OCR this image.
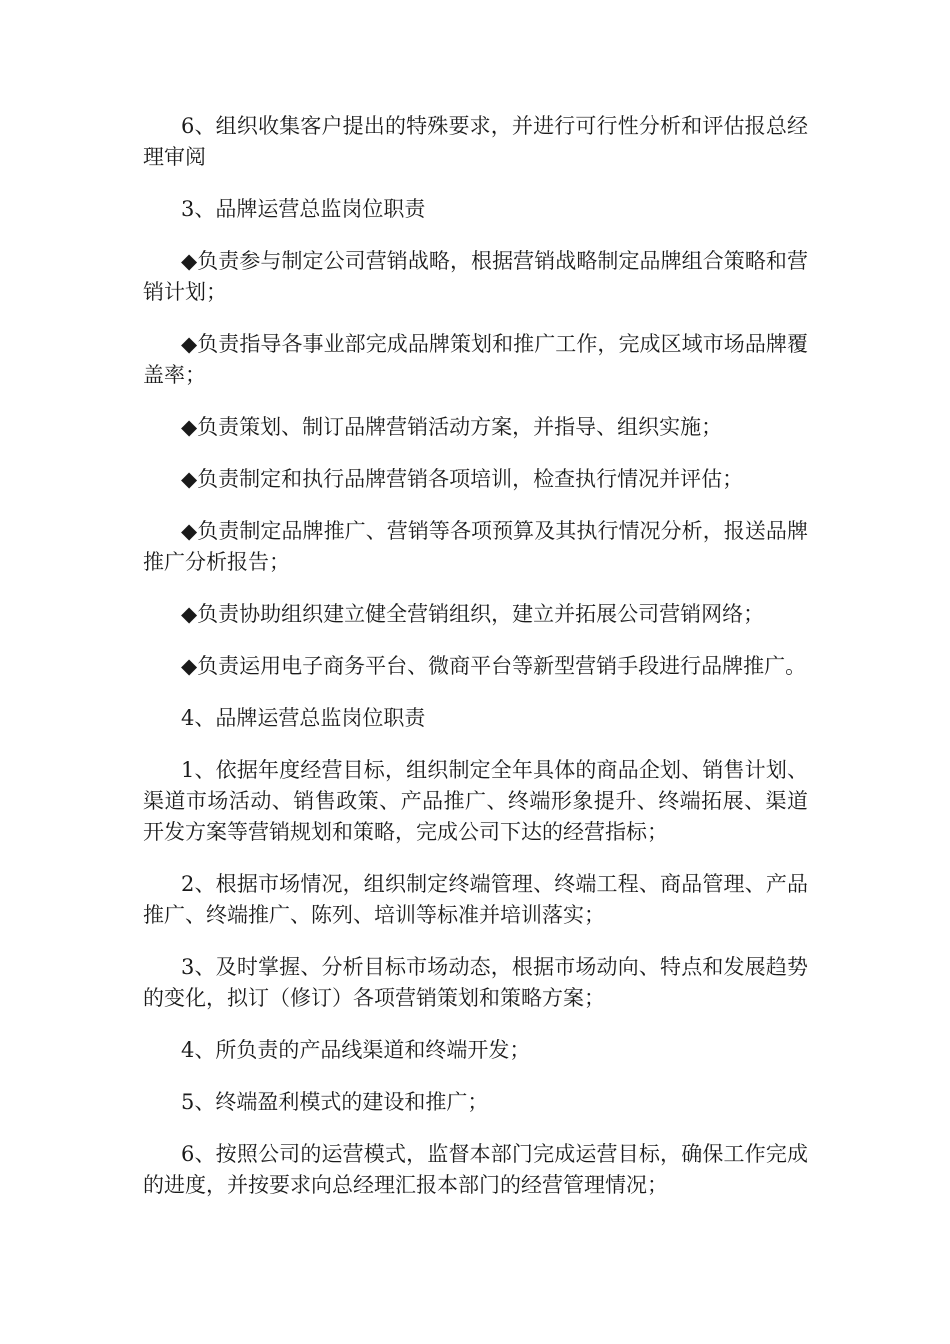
6、组织收集客户提出的特殊要求，并进行可行性分析和评估报总经理审阅

3、品牌运营总监岗位职责

◆负责参与制定公司营销战略，根据营销战略制定品牌组合策略和营销计划；

◆负责指导各事业部完成品牌策划和推广工作，完成区域市场品牌覆盖率；

◆负责策划、制订品牌营销活动方案，并指导、组织实施；

◆负责制定和执行品牌营销各项培训，检查执行情况并评估；

◆负责制定品牌推广、营销等各项预算及其执行情况分析，报送品牌推广分析报告；

◆负责协助组织建立健全营销组织，建立并拓展公司营销网络；

◆负责运用电子商务平台、微商平台等新型营销手段进行品牌推广。

4、品牌运营总监岗位职责

1、依据年度经营目标，组织制定全年具体的商品企划、销售计划、渠道市场活动、销售政策、产品推广、终端形象提升、终端拓展、渠道开发方案等营销规划和策略，完成公司下达的经营指标；

2、根据市场情况，组织制定终端管理、终端工程、商品管理、产品推广、终端推广、陈列、培训等标准并培训落实；

3、及时掌握、分析目标市场动态，根据市场动向、特点和发展趋势的变化，拟订（修订）各项营销策划和策略方案；

4、所负责的产品线渠道和终端开发；

5、终端盈利模式的建设和推广；

6、按照公司的运营模式，监督本部门完成运营目标，确保工作完成的进度，并按要求向总经理汇报本部门的经营管理情况；
